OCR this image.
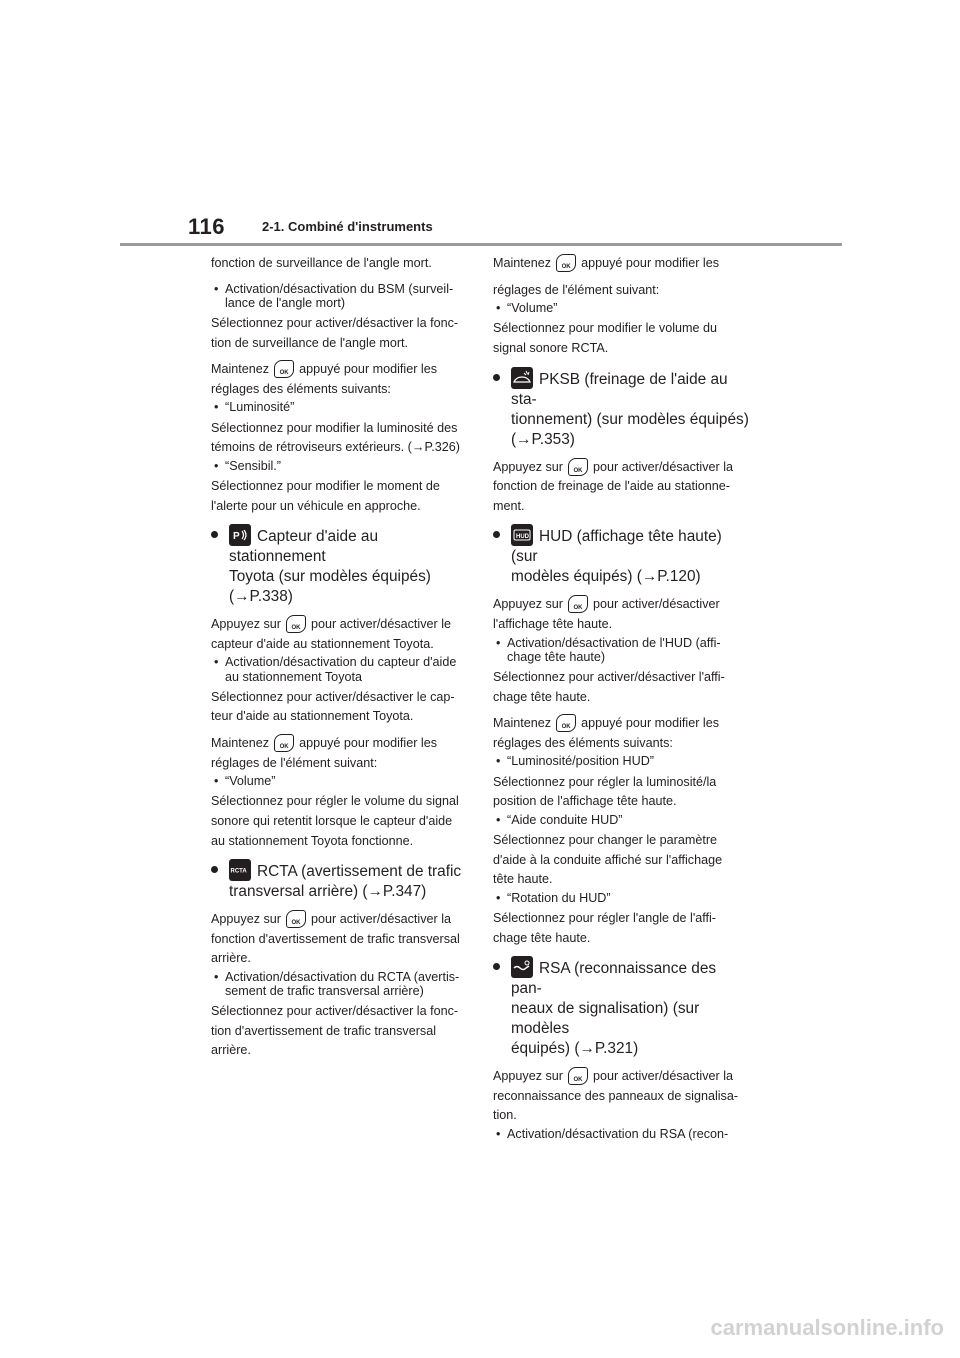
116	2-1. Combiné d'instruments

fonction de surveillance de l'angle mort.

• Activation/désactivation du BSM (surveil-lance de l'angle mort)

Sélectionnez pour activer/désactiver la fonc-

tion de surveillance de l'angle mort.

Maintenez	OK appuyé pour modifier les

réglages des éléments suivants:

• “Luminosité”

Sélectionnez pour modifier la luminosité des

témoins de rétroviseurs extérieurs. (→P.326)

• “Sensibil.”

Sélectionnez pour modifier le moment de

l'alerte pour un véhicule en approche.

P Capteur d'aide au stationnement
Toyota (sur modèles équipés)
(→P.338)

Appuyez sur	OK pour activer/désactiver le

capteur d'aide au stationnement Toyota.

• Activation/désactivation du capteur d'aide au stationnement Toyota

Sélectionnez pour activer/désactiver le cap-

teur d'aide au stationnement Toyota.

Maintenez	OK appuyé pour modifier les

réglages de l'élément suivant:

• “Volume”

Sélectionnez pour régler le volume du signal

sonore qui retentit lorsque le capteur d'aide

au stationnement Toyota fonctionne.

RCTA RCTA (avertissement de trafic
transversal arrière) (→P.347)

Appuyez sur	OK pour activer/désactiver la

fonction d'avertissement de trafic transversal

arrière.

• Activation/désactivation du RCTA (avertis-sement de trafic transversal arrière)

Sélectionnez pour activer/désactiver la fonc-

tion d'avertissement de trafic transversal

arrière.

Maintenez	OK appuyé pour modifier les

réglages de l'élément suivant:

• “Volume”

Sélectionnez pour modifier le volume du

signal sonore RCTA.

PKSB (freinage de l'aide au sta-
tionnement) (sur modèles équipés)
(→P.353)

Appuyez sur	OK pour activer/désactiver la

fonction de freinage de l'aide au stationne-

ment.

HUD HUD (affichage tête haute) (sur
modèles équipés) (→P.120)

Appuyez sur	OK pour activer/désactiver

l'affichage tête haute.

• Activation/désactivation de l'HUD (affi-chage tête haute)

Sélectionnez pour activer/désactiver l'affi-

chage tête haute.

Maintenez	OK appuyé pour modifier les

réglages des éléments suivants:

• “Luminosité/position HUD”

Sélectionnez pour régler la luminosité/la

position de l'affichage tête haute.

• “Aide conduite HUD”

Sélectionnez pour changer le paramètre

d'aide à la conduite affiché sur l'affichage

tête haute.

• “Rotation du HUD”

Sélectionnez pour régler l'angle de l'affi-

chage tête haute.

RSA (reconnaissance des pan-
neaux de signalisation) (sur modèles
équipés) (→P.321)

Appuyez sur	OK pour activer/désactiver la

reconnaissance des panneaux de signalisa-

tion.

• Activation/désactivation du RSA (recon-
carmanualsonline.info
